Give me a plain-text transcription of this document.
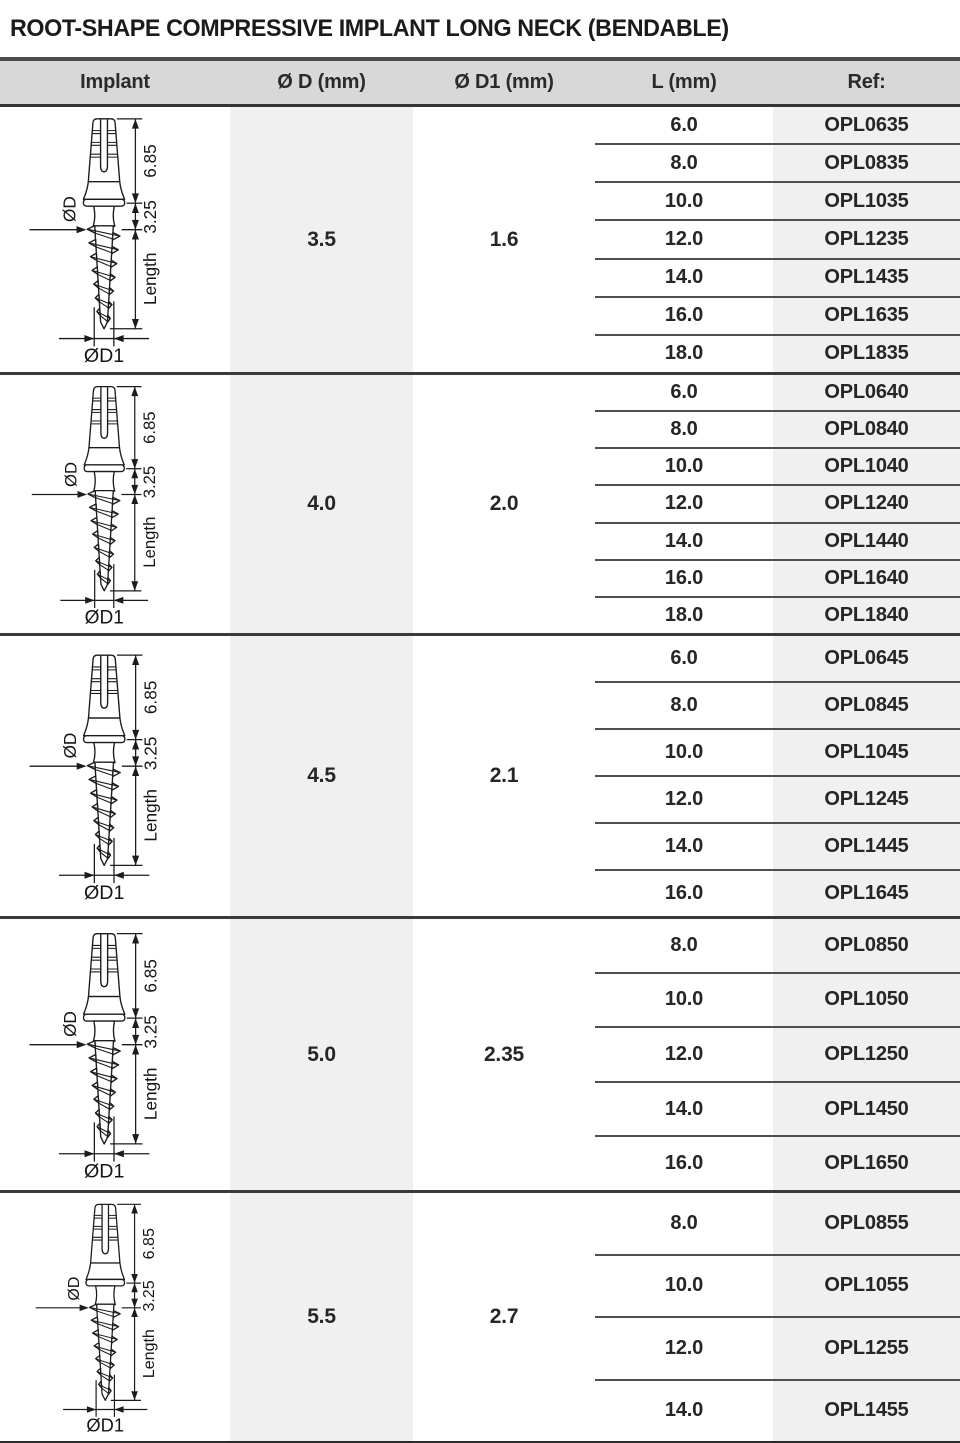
ROOT-SHAPE COMPRESSIVE IMPLANT LONG NECK (BENDABLE)
Implant	Ø D (mm)	Ø D1 (mm)	L (mm)	Ref:
6.85
3.25
Length
ØD
ØD1
3.5	1.6
6.0	OPL0635
8.0	OPL0835
10.0	OPL1035
12.0	OPL1235
14.0	OPL1435
16.0	OPL1635
18.0	OPL1835
6.85
3.25
Length
ØD
ØD1
4.0	2.0
6.0	OPL0640
8.0	OPL0840
10.0	OPL1040
12.0	OPL1240
14.0	OPL1440
16.0	OPL1640
18.0	OPL1840
6.85
3.25
Length
ØD
ØD1
4.5	2.1
6.0	OPL0645
8.0	OPL0845
10.0	OPL1045
12.0	OPL1245
14.0	OPL1445
16.0	OPL1645
6.85
3.25
Length
ØD
ØD1
5.0	2.35
8.0	OPL0850
10.0	OPL1050
12.0	OPL1250
14.0	OPL1450
16.0	OPL1650
6.85
3.25
Length
ØD
ØD1
5.5	2.7
8.0	OPL0855
10.0	OPL1055
12.0	OPL1255
14.0	OPL1455
